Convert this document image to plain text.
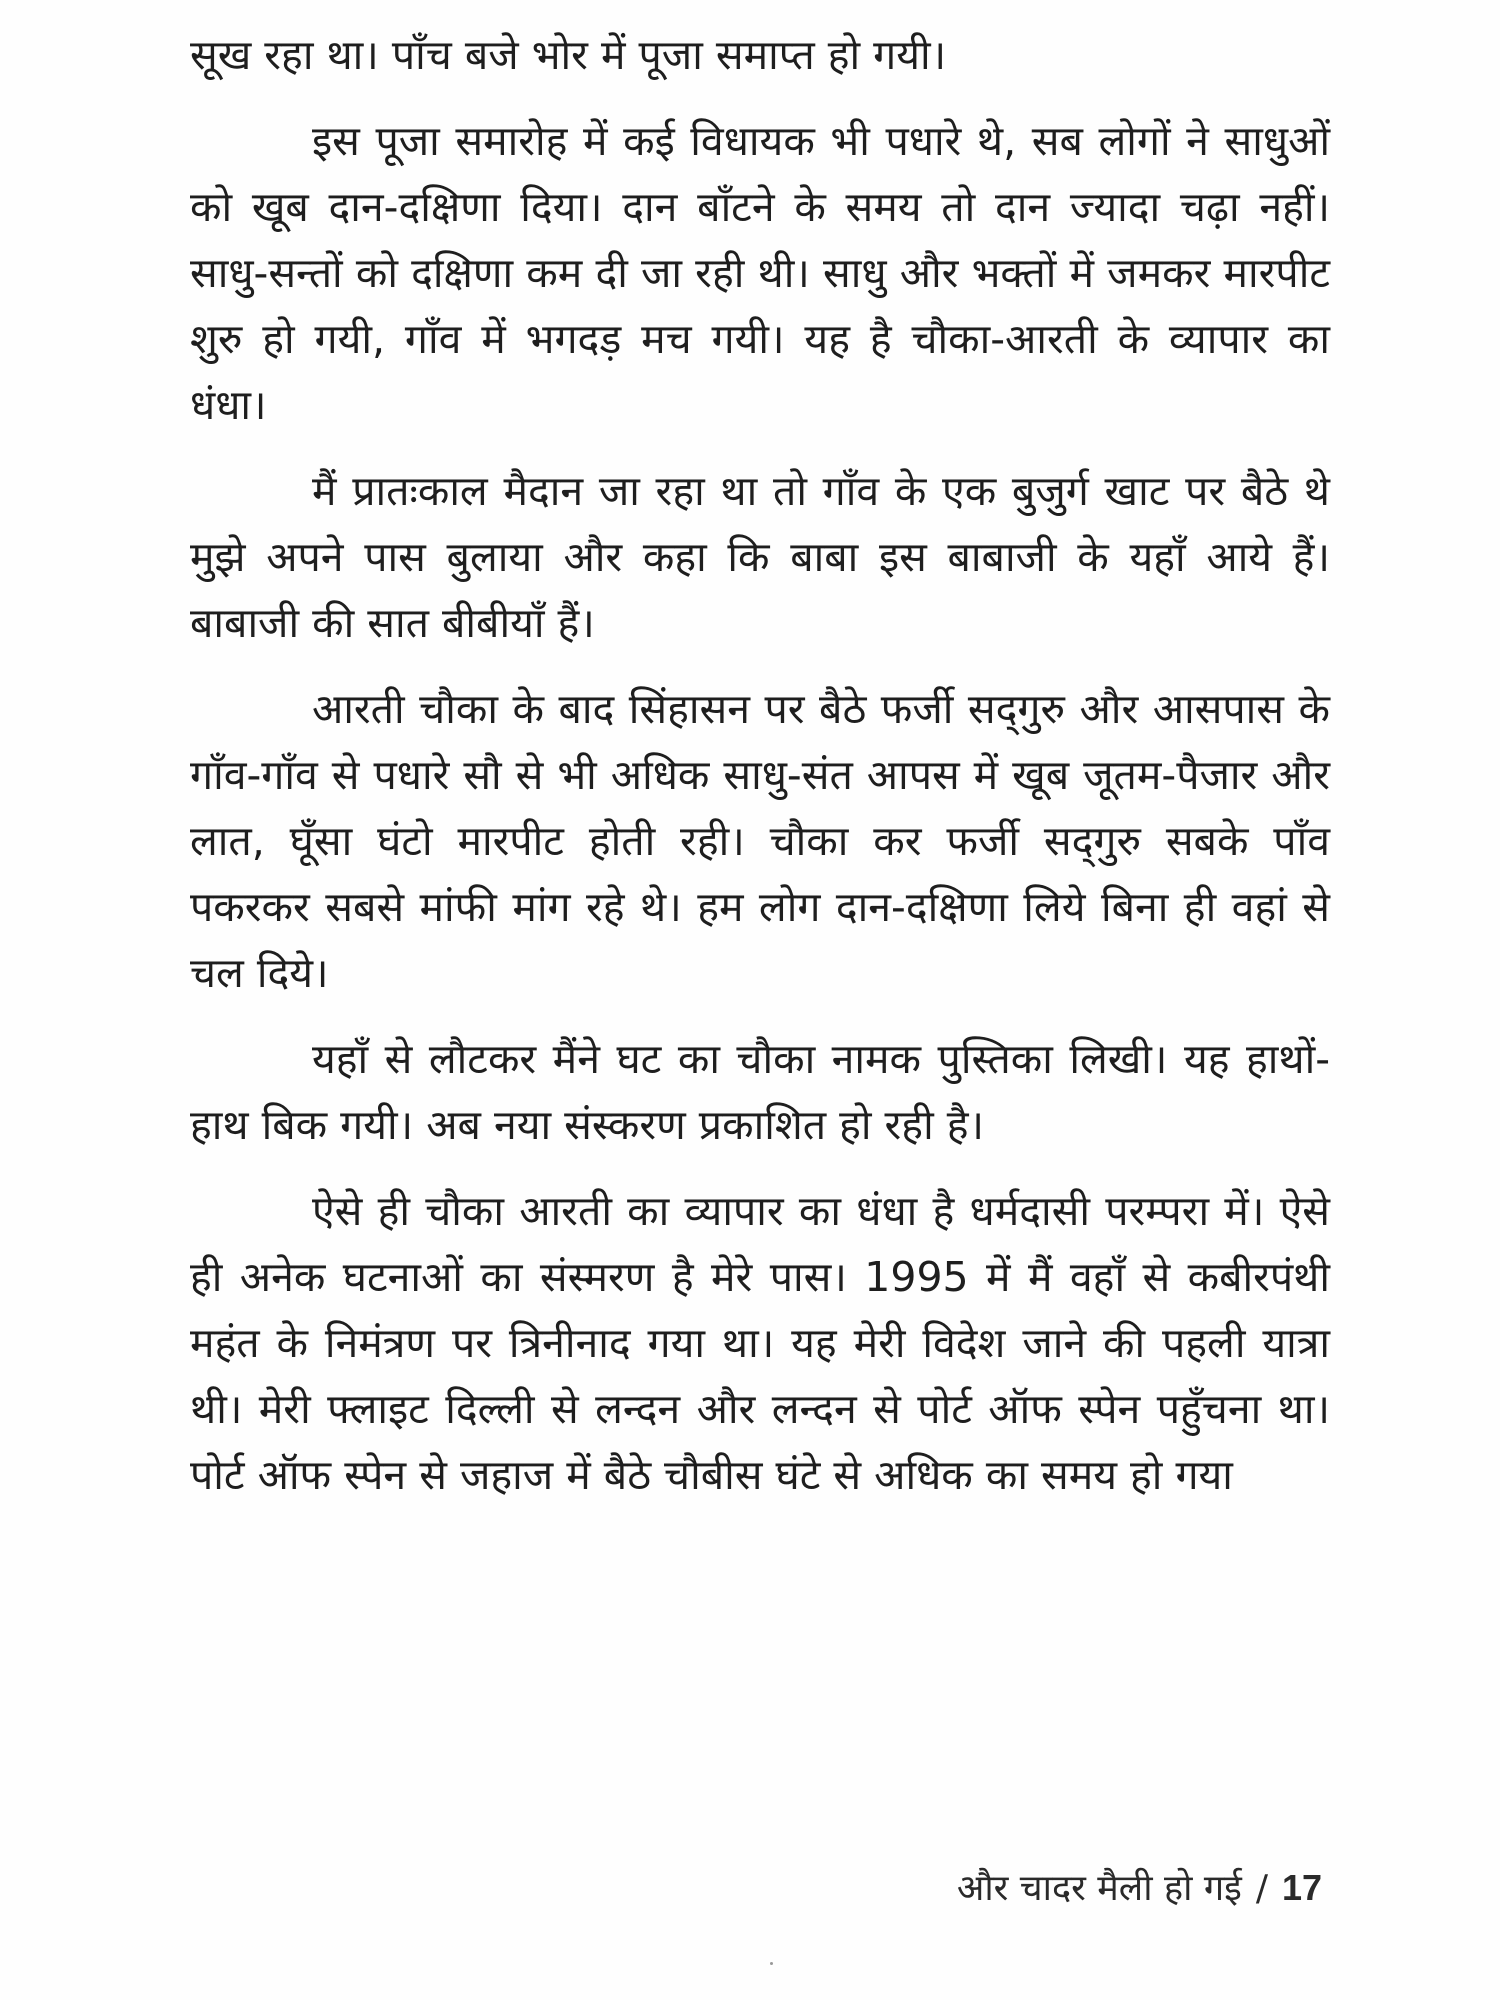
सूख रहा था। पाँच बजे भोर में पूजा समाप्त हो गयी।

इस पूजा समारोह में कई विधायक भी पधारे थे, सब लोगों ने साधुओं को खूब दान-दक्षिणा दिया। दान बाँटने के समय तो दान ज्यादा चढ़ा नहीं। साधु-सन्तों को दक्षिणा कम दी जा रही थी। साधु और भक्तों में जमकर मारपीट शुरु हो गयी, गाँव में भगदड़ मच गयी। यह है चौका-आरती के व्यापार का धंधा।

मैं प्रातःकाल मैदान जा रहा था तो गाँव के एक बुजुर्ग खाट पर बैठे थे मुझे अपने पास बुलाया और कहा कि बाबा इस बाबाजी के यहाँ आये हैं। बाबाजी की सात बीबीयाँ हैं।

आरती चौका के बाद सिंहासन पर बैठे फर्जी सद्‌गुरु और आसपास के गाँव-गाँव से पधारे सौ से भी अधिक साधु-संत आपस में खूब जूतम-पैजार और लात, घूँसा घंटो मारपीट होती रही। चौका कर फर्जी सद्‌गुरु सबके पाँव पकरकर सबसे मांफी मांग रहे थे। हम लोग दान-दक्षिणा लिये बिना ही वहां से चल दिये।

यहाँ से लौटकर मैंने घट का चौका नामक पुस्तिका लिखी। यह हाथों-हाथ बिक गयी। अब नया संस्करण प्रकाशित हो रही है।

ऐसे ही चौका आरती का व्यापार का धंधा है धर्मदासी परम्परा में। ऐसे ही अनेक घटनाओं का संस्मरण है मेरे पास। 1995 में मैं वहाँ से कबीरपंथी महंत के निमंत्रण पर त्रिनीनाद गया था। यह मेरी विदेश जाने की पहली यात्रा थी। मेरी फ्लाइट दिल्ली से लन्दन और लन्दन से पोर्ट ऑफ स्पेन पहुँचना था। पोर्ट ऑफ स्पेन से जहाज में बैठे चौबीस घंटे से अधिक का समय हो गया

और चादर मैली हो गई / 17
